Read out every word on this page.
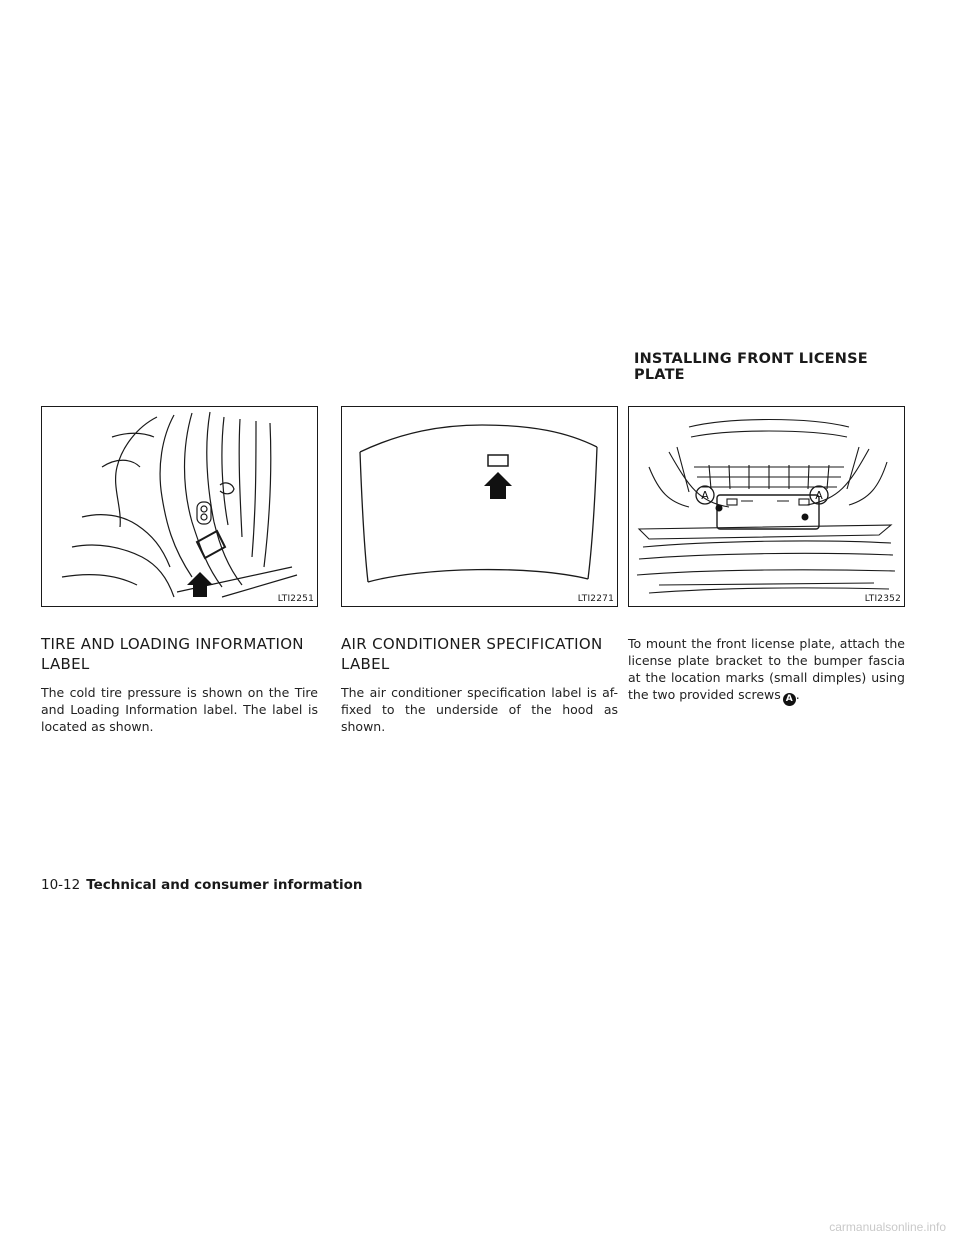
INSTALLING FRONT LICENSE PLATE
LTI2251	LTI2271
A	A
LTI2352
TIRE AND LOADING INFORMATION LABEL

The cold tire pressure is shown on the Tire and Loading Information label. The label is located as shown.

AIR CONDITIONER SPECIFICATION LABEL

The air conditioner specification label is af-fixed to the underside of the hood as shown.

To mount the front license plate, attach the license plate bracket to the bumper fascia at the location marks (small dimples) using the two provided screws A .

10-12 Technical and consumer information
carmanualsonline.info
